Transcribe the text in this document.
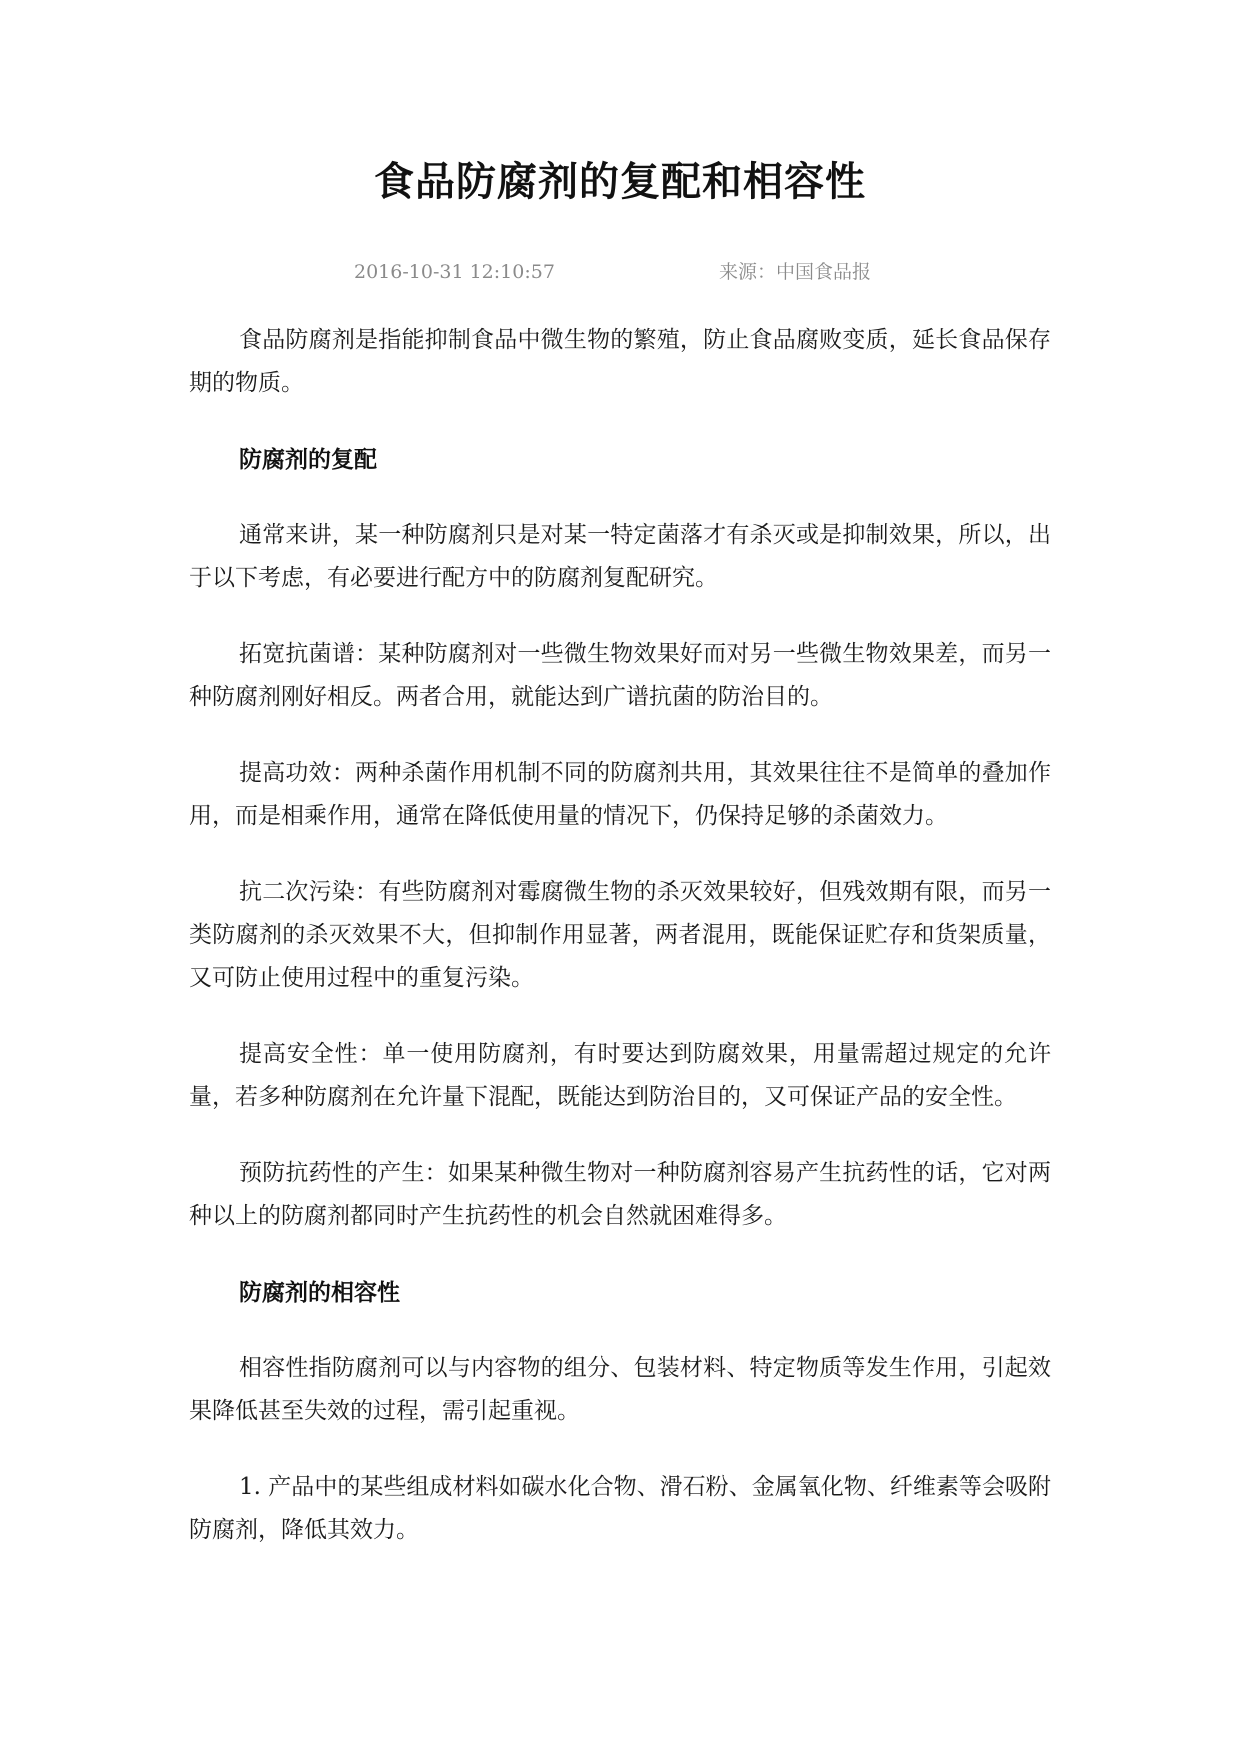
食品防腐剂的复配和相容性
2016-10-31 12:10:57	来源：中国食品报

食品防腐剂是指能抑制食品中微生物的繁殖，防止食品腐败变质，延长食品保存期的物质。

防腐剂的复配

通常来讲，某一种防腐剂只是对某一特定菌落才有杀灭或是抑制效果，所以，出于以下考虑，有必要进行配方中的防腐剂复配研究。

拓宽抗菌谱：某种防腐剂对一些微生物效果好而对另一些微生物效果差，而另一种防腐剂刚好相反。两者合用，就能达到广谱抗菌的防治目的。

提高功效：两种杀菌作用机制不同的防腐剂共用，其效果往往不是简单的叠加作用，而是相乘作用，通常在降低使用量的情况下，仍保持足够的杀菌效力。

抗二次污染：有些防腐剂对霉腐微生物的杀灭效果较好，但残效期有限，而另一类防腐剂的杀灭效果不大，但抑制作用显著，两者混用，既能保证贮存和货架质量，又可防止使用过程中的重复污染。

提高安全性：单一使用防腐剂，有时要达到防腐效果，用量需超过规定的允许量，若多种防腐剂在允许量下混配，既能达到防治目的，又可保证产品的安全性。

预防抗药性的产生：如果某种微生物对一种防腐剂容易产生抗药性的话，它对两种以上的防腐剂都同时产生抗药性的机会自然就困难得多。

防腐剂的相容性

相容性指防腐剂可以与内容物的组分、包装材料、特定物质等发生作用，引起效果降低甚至失效的过程，需引起重视。

1. 产品中的某些组成材料如碳水化合物、滑石粉、金属氧化物、纤维素等会吸附防腐剂，降低其效力。
